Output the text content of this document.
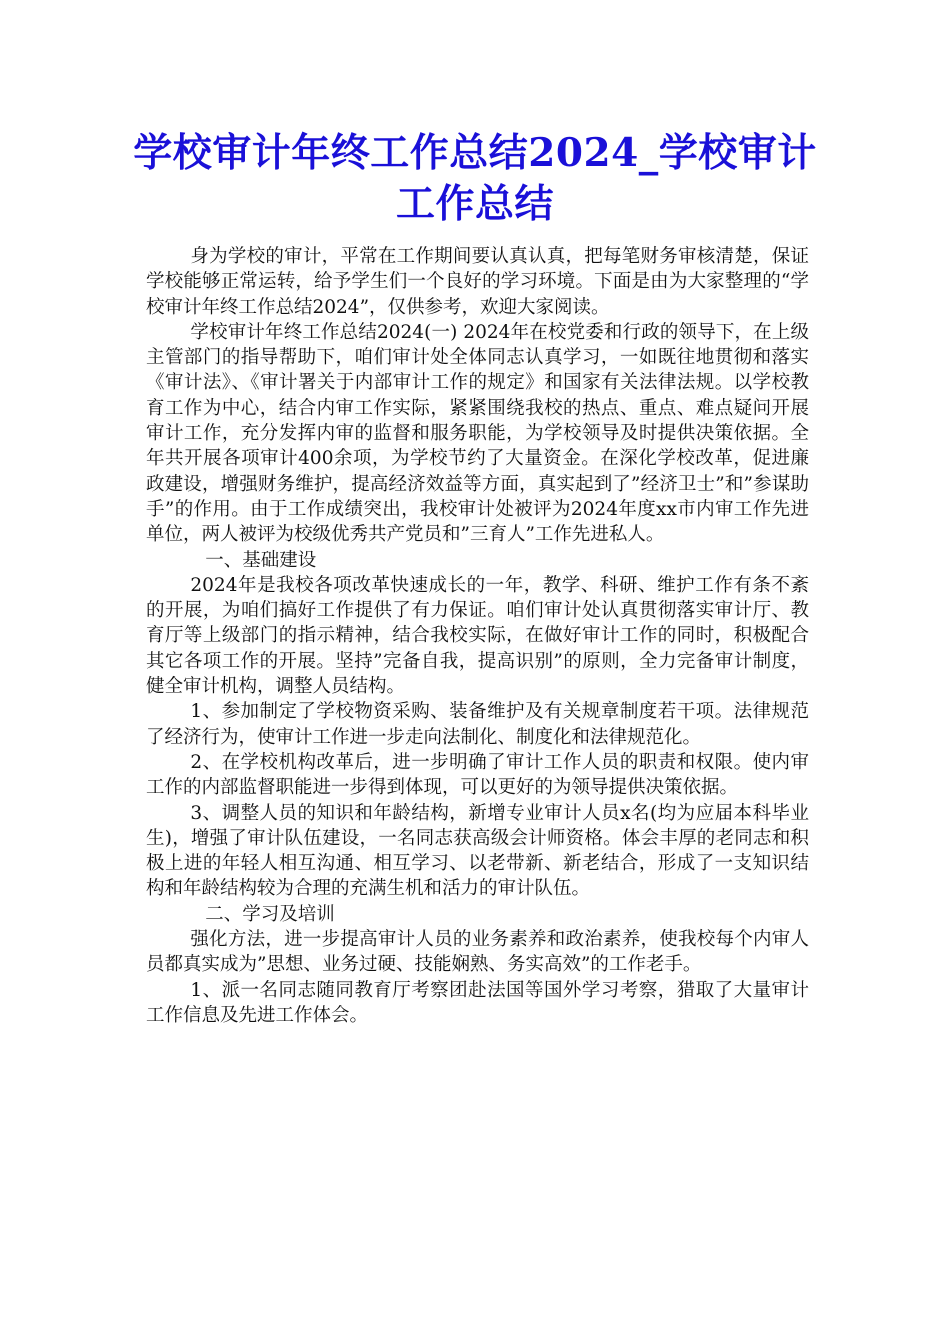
学校审计年终工作总结2024_学校审计工作总结

身为学校的审计，平常在工作期间要认真认真，把每笔财务审核清楚，保证学校能够正常运转，给予学生们一个良好的学习环境。下面是由为大家整理的“学校审计年终工作总结2024”，仅供参考，欢迎大家阅读。

学校审计年终工作总结2024(一) 2024年在校党委和行政的领导下，在上级主管部门的指导帮助下，咱们审计处全体同志认真学习，一如既往地贯彻和落实《审计法》、《审计署关于内部审计工作的规定》和国家有关法律法规。以学校教育工作为中心，结合内审工作实际，紧紧围绕我校的热点、重点、难点疑问开展审计工作，充分发挥内审的监督和服务职能，为学校领导及时提供决策依据。全年共开展各项审计400余项，为学校节约了大量资金。在深化学校改革，促进廉政建设，增强财务维护，提高经济效益等方面，真实起到了”经济卫士”和”参谋助手”的作用。由于工作成绩突出，我校审计处被评为2024年度xx市内审工作先进单位，两人被评为校级优秀共产党员和”三育人”工作先进私人。

一、基础建设

2024年是我校各项改革快速成长的一年，教学、科研、维护工作有条不紊的开展，为咱们搞好工作提供了有力保证。咱们审计处认真贯彻落实审计厅、教育厅等上级部门的指示精神，结合我校实际，在做好审计工作的同时，积极配合其它各项工作的开展。坚持”完备自我，提高识别”的原则，全力完备审计制度，健全审计机构，调整人员结构。

1、参加制定了学校物资采购、装备维护及有关规章制度若干项。法律规范了经济行为，使审计工作进一步走向法制化、制度化和法律规范化。

2、在学校机构改革后，进一步明确了审计工作人员的职责和权限。使内审工作的内部监督职能进一步得到体现，可以更好的为领导提供决策依据。

3、调整人员的知识和年龄结构，新增专业审计人员x名(均为应届本科毕业生)，增强了审计队伍建设，一名同志获高级会计师资格。体会丰厚的老同志和积极上进的年轻人相互沟通、相互学习、以老带新、新老结合，形成了一支知识结构和年龄结构较为合理的充满生机和活力的审计队伍。

二、学习及培训

强化方法，进一步提高审计人员的业务素养和政治素养，使我校每个内审人员都真实成为”思想、业务过硬、技能娴熟、务实高效”的工作老手。

1、派一名同志随同教育厅考察团赴法国等国外学习考察，猎取了大量审计工作信息及先进工作体会。
